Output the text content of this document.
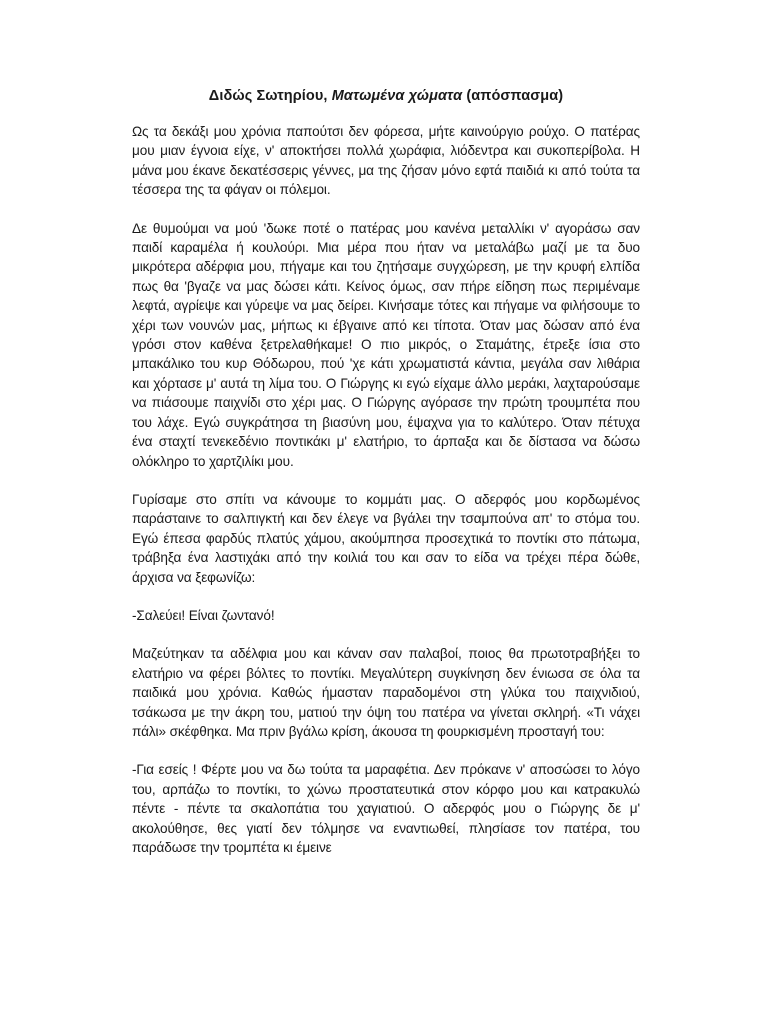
Διδώς Σωτηρίου, Ματωμένα χώματα (απόσπασμα)

Ως τα δεκάξι μου χρόνια παπούτσι δεν φόρεσα, μήτε καινούργιο ρούχο. Ο πατέρας μου μιαν έγνοια είχε, ν' αποκτήσει πολλά χωράφια, λιόδεντρα και συκοπερίβολα. Η μάνα μου έκανε δεκατέσσερις γέννες, μα της ζήσαν μόνο εφτά παιδιά κι από τούτα τα τέσσερα της τα φάγαν οι πόλεμοι.

Δε θυμούμαι να μού 'δωκε ποτέ ο πατέρας μου κανένα μεταλλίκι ν' αγοράσω σαν παιδί καραμέλα ή κουλούρι. Μια μέρα που ήταν να μεταλάβω μαζί με τα δυο μικρότερα αδέρφια μου, πήγαμε και του ζητήσαμε συγχώρεση, με την κρυφή ελπίδα πως θα 'βγαζε να μας δώσει κάτι. Κείνος όμως, σαν πήρε είδηση πως περιμέναμε λεφτά, αγρίεψε και γύρεψε να μας δείρει. Κινήσαμε τότες και πήγαμε να φιλήσουμε το χέρι των νουνών μας, μήπως κι έβγαινε από κει τίποτα. Όταν μας δώσαν από ένα γρόσι στον καθένα ξετρελαθήκαμε! Ο πιο μικρός, ο Σταμάτης, έτρεξε ίσια στο μπακάλικο του κυρ Θόδωρου, πού 'χε κάτι χρωματιστά κάντια, μεγάλα σαν λιθάρια και χόρτασε μ' αυτά τη λίμα του. Ο Γιώργης κι εγώ είχαμε άλλο μεράκι, λαχταρούσαμε να πιάσουμε παιχνίδι στο χέρι μας. Ο Γιώργης αγόρασε την πρώτη τρουμπέτα που του λάχε. Εγώ συγκράτησα τη βιασύνη μου, έψαχνα για το καλύτερο. Όταν πέτυχα ένα σταχτί τενεκεδένιο ποντικάκι μ' ελατήριο, το άρπαξα και δε δίστασα να δώσω ολόκληρο το χαρτζιλίκι μου.

Γυρίσαμε στο σπίτι να κάνουμε το κομμάτι μας. Ο αδερφός μου κορδωμένος παράσταινε το σαλπιγκτή και δεν έλεγε να βγάλει την τσαμπούνα απ' το στόμα του. Εγώ έπεσα φαρδύς πλατύς χάμου, ακούμπησα προσεχτικά το ποντίκι στο πάτωμα, τράβηξα ένα λαστιχάκι από την κοιλιά του και σαν το είδα να τρέχει πέρα δώθε, άρχισα να ξεφωνίζω:

-Σαλεύει! Είναι ζωντανό!

Μαζεύτηκαν τα αδέλφια μου και κάναν σαν παλαβοί, ποιος θα πρωτοτραβήξει το ελατήριο να φέρει βόλτες το ποντίκι. Μεγαλύτερη συγκίνηση δεν ένιωσα σε όλα τα παιδικά μου χρόνια. Καθώς ήμασταν παραδομένοι στη γλύκα του παιχνιδιού, τσάκωσα με την άκρη του, ματιού την όψη του πατέρα να γίνεται σκληρή. «Τι νάχει πάλι» σκέφθηκα. Μα πριν βγάλω κρίση, άκουσα τη φουρκισμένη προσταγή του:

-Για εσείς ! Φέρτε μου να δω τούτα τα μαραφέτια. Δεν πρόκανε ν' αποσώσει το λόγο του, αρπάζω το ποντίκι, το χώνω προστατευτικά στον κόρφο μου και κατρακυλώ πέντε - πέντε τα σκαλοπάτια του χαγιατιού. Ο αδερφός μου ο Γιώργης δε μ' ακολούθησε, θες γιατί δεν τόλμησε να εναντιωθεί, πλησίασε τον πατέρα, του παράδωσε την τρομπέτα κι έμεινε
